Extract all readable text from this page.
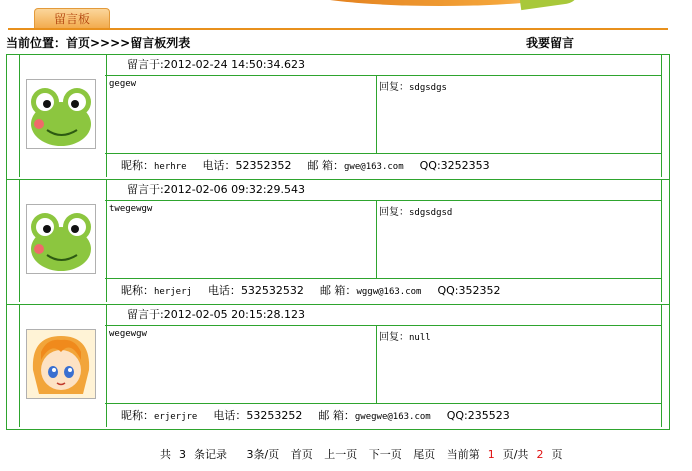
留言板
当前位置：首页>>>>留言板列表	我要留言
留言于:2012-02-24 14:50:34.623
gegew	回复：sdgsdgs
昵称：herhre 电话：52352352 邮 箱：gwe@163.com QQ:3252353
留言于:2012-02-06 09:32:29.543
twegewgw	回复：sdgsdgsd
昵称：herjerj 电话：532532532 邮 箱：wggw@163.com QQ:352352
留言于:2012-02-05 20:15:28.123
wegewgw	回复：null
昵称：erjerjre 电话：53253252 邮 箱：gwegwe@163.com QQ:235523
共 3 条记录 3条/页 首页 上一页 下一页 尾页 当前第 1 页/共 2 页
